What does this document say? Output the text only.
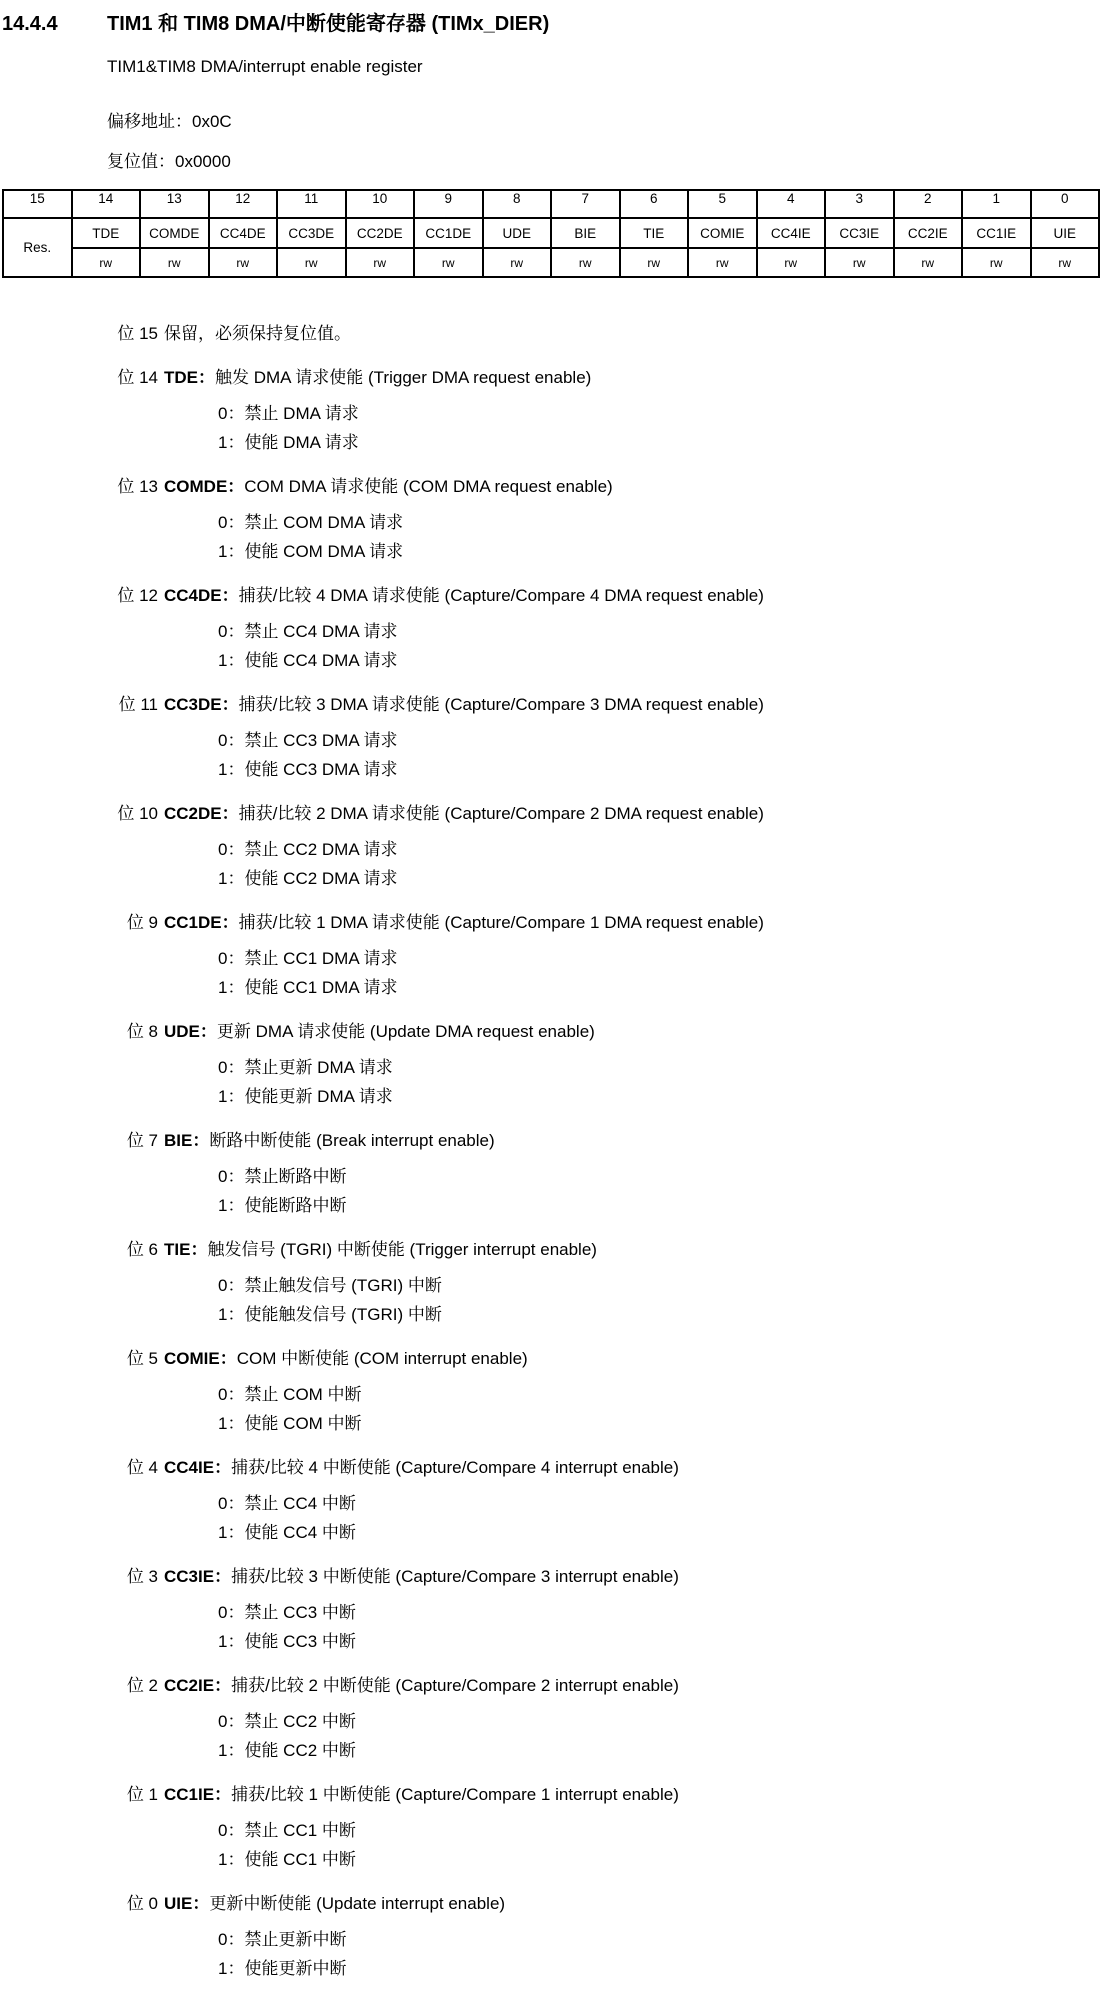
14.4.4	TIM1 和 TIM8 DMA/中断使能寄存器 (TIMx_DIER)
TIM1&TIM8 DMA/interrupt enable register
偏移地址：0x0C
复位值：0x0000
15	14	13	12	11	10	9	8	7	6	5	4	3	2	1	0
Res.	TDE	COMDE	CC4DE	CC3DE	CC2DE	CC1DE	UDE	BIE	TIE	COMIE	CC4IE	CC3IE	CC2IE	CC1IE	UIE
	rw	rw	rw	rw	rw	rw	rw	rw	rw	rw	rw	rw	rw	rw	rw
位 15 保留，必须保持复位值。
位 14 TDE：触发 DMA 请求使能 (Trigger DMA request enable)
0：禁止 DMA 请求
1：使能 DMA 请求
位 13 COMDE：COM DMA 请求使能 (COM DMA request enable)
0：禁止 COM DMA 请求
1：使能 COM DMA 请求
位 12 CC4DE：捕获/比较 4 DMA 请求使能 (Capture/Compare 4 DMA request enable)
0：禁止 CC4 DMA 请求
1：使能 CC4 DMA 请求
位 11 CC3DE：捕获/比较 3 DMA 请求使能 (Capture/Compare 3 DMA request enable)
0：禁止 CC3 DMA 请求
1：使能 CC3 DMA 请求
位 10 CC2DE：捕获/比较 2 DMA 请求使能 (Capture/Compare 2 DMA request enable)
0：禁止 CC2 DMA 请求
1：使能 CC2 DMA 请求
位 9 CC1DE：捕获/比较 1 DMA 请求使能 (Capture/Compare 1 DMA request enable)
0：禁止 CC1 DMA 请求
1：使能 CC1 DMA 请求
位 8 UDE：更新 DMA 请求使能 (Update DMA request enable)
0：禁止更新 DMA 请求
1：使能更新 DMA 请求
位 7 BIE：断路中断使能 (Break interrupt enable)
0：禁止断路中断
1：使能断路中断
位 6 TIE：触发信号 (TGRI) 中断使能 (Trigger interrupt enable)
0：禁止触发信号 (TGRI) 中断
1：使能触发信号 (TGRI) 中断
位 5 COMIE：COM 中断使能 (COM interrupt enable)
0：禁止 COM 中断
1：使能 COM 中断
位 4 CC4IE：捕获/比较 4 中断使能 (Capture/Compare 4 interrupt enable)
0：禁止 CC4 中断
1：使能 CC4 中断
位 3 CC3IE：捕获/比较 3 中断使能 (Capture/Compare 3 interrupt enable)
0：禁止 CC3 中断
1：使能 CC3 中断
位 2 CC2IE：捕获/比较 2 中断使能 (Capture/Compare 2 interrupt enable)
0：禁止 CC2 中断
1：使能 CC2 中断
位 1 CC1IE：捕获/比较 1 中断使能 (Capture/Compare 1 interrupt enable)
0：禁止 CC1 中断
1：使能 CC1 中断
位 0 UIE：更新中断使能 (Update interrupt enable)
0：禁止更新中断
1：使能更新中断
